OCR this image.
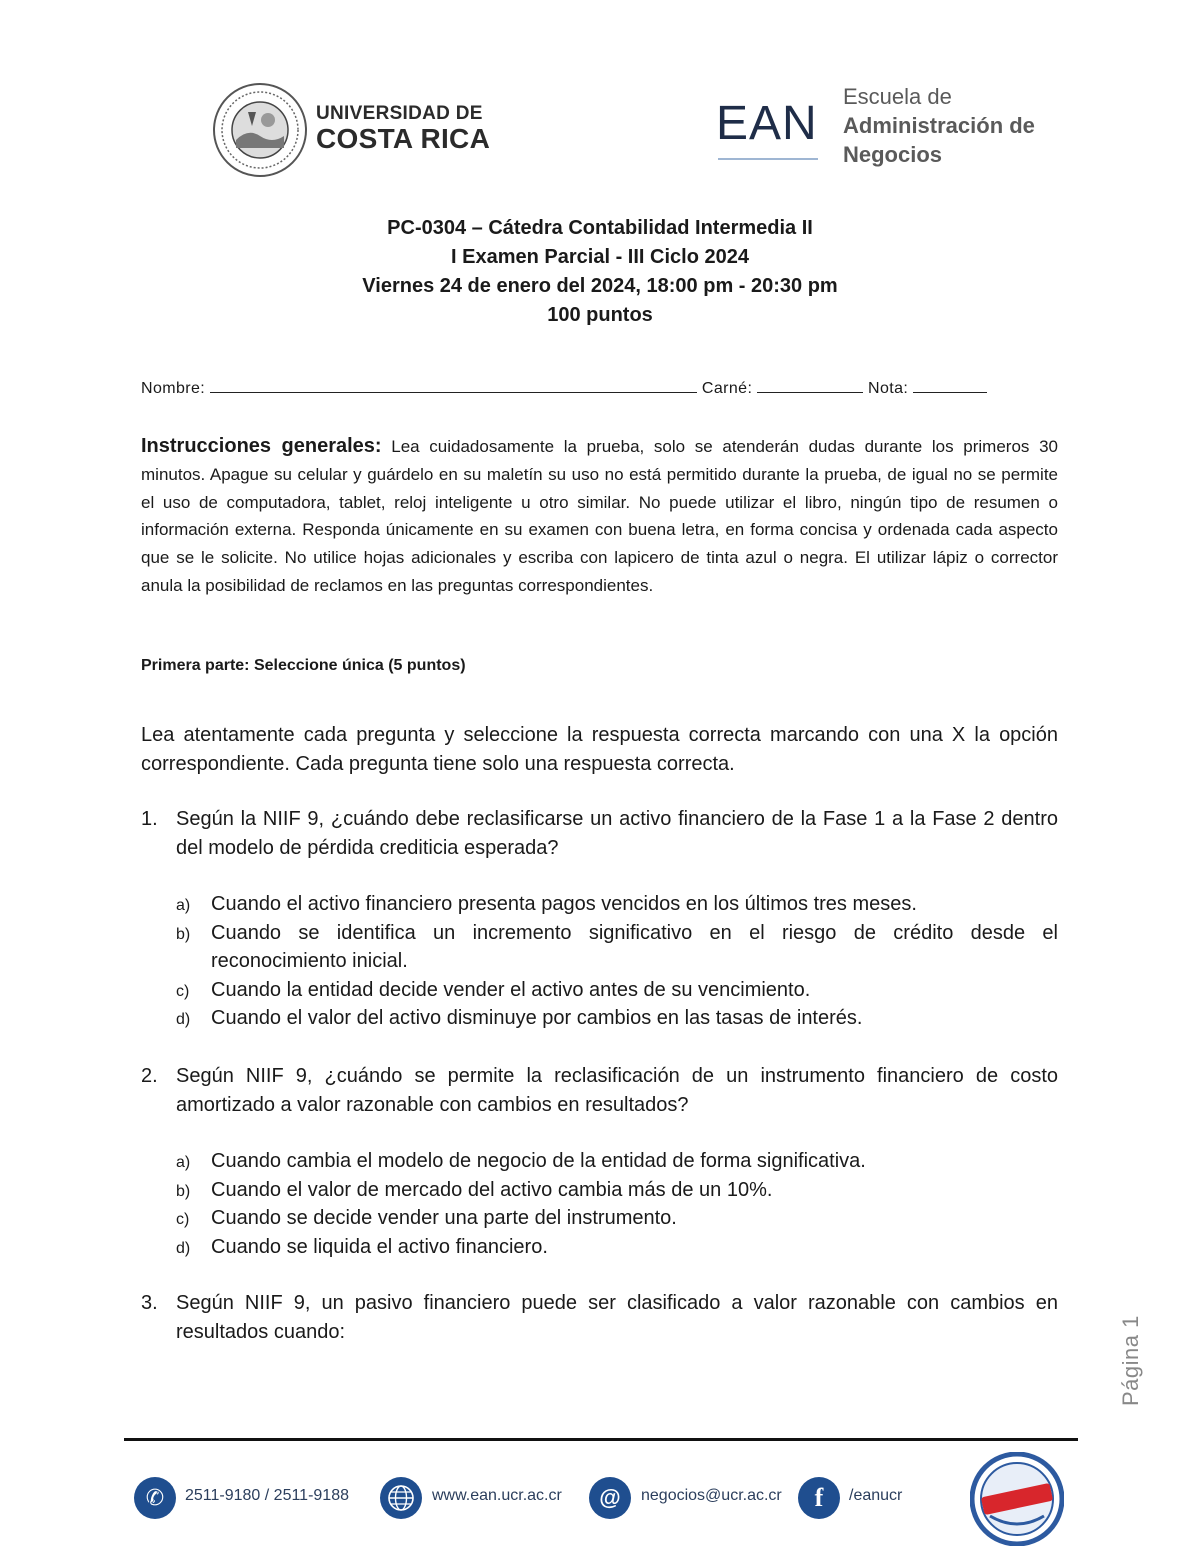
UNIVERSIDAD DE
COSTA RICA	EAN
Escuela de
Administración de
Negocios
PC-0304 – Cátedra Contabilidad Intermedia II
I Examen Parcial - III Ciclo 2024
Viernes 24 de enero del 2024, 18:00 pm - 20:30 pm
100 puntos
Nombre:	Carné:	Nota:
Instrucciones generales: Lea cuidadosamente la prueba, solo se atenderán dudas durante los primeros 30 minutos. Apague su celular y guárdelo en su maletín su uso no está permitido durante la prueba, de igual no se permite el uso de computadora, tablet, reloj inteligente u otro similar. No puede utilizar el libro, ningún tipo de resumen o información externa. Responda únicamente en su examen con buena letra, en forma concisa y ordenada cada aspecto que se le solicite. No utilice hojas adicionales y escriba con lapicero de tinta azul o negra. El utilizar lápiz o corrector anula la posibilidad de reclamos en las preguntas correspondientes.
Primera parte: Seleccione única (5 puntos)
Lea atentamente cada pregunta y seleccione la respuesta correcta marcando con una X la opción correspondiente. Cada pregunta tiene solo una respuesta correcta.
1. Según la NIIF 9, ¿cuándo debe reclasificarse un activo financiero de la Fase 1 a la Fase 2 dentro del modelo de pérdida crediticia esperada?
a) Cuando el activo financiero presenta pagos vencidos en los últimos tres meses.
b) Cuando se identifica un incremento significativo en el riesgo de crédito desde el reconocimiento inicial.
c) Cuando la entidad decide vender el activo antes de su vencimiento.
d) Cuando el valor del activo disminuye por cambios en las tasas de interés.
2. Según NIIF 9, ¿cuándo se permite la reclasificación de un instrumento financiero de costo amortizado a valor razonable con cambios en resultados?
a) Cuando cambia el modelo de negocio de la entidad de forma significativa.
b) Cuando el valor de mercado del activo cambia más de un 10%.
c) Cuando se decide vender una parte del instrumento.
d) Cuando se liquida el activo financiero.
3. Según NIIF 9, un pasivo financiero puede ser clasificado a valor razonable con cambios en resultados cuando:	Página 1
✆	2511-9180 / 2511-9188	www.ean.ucr.ac.cr	@	negocios@ucr.ac.cr	f	/eanucr
